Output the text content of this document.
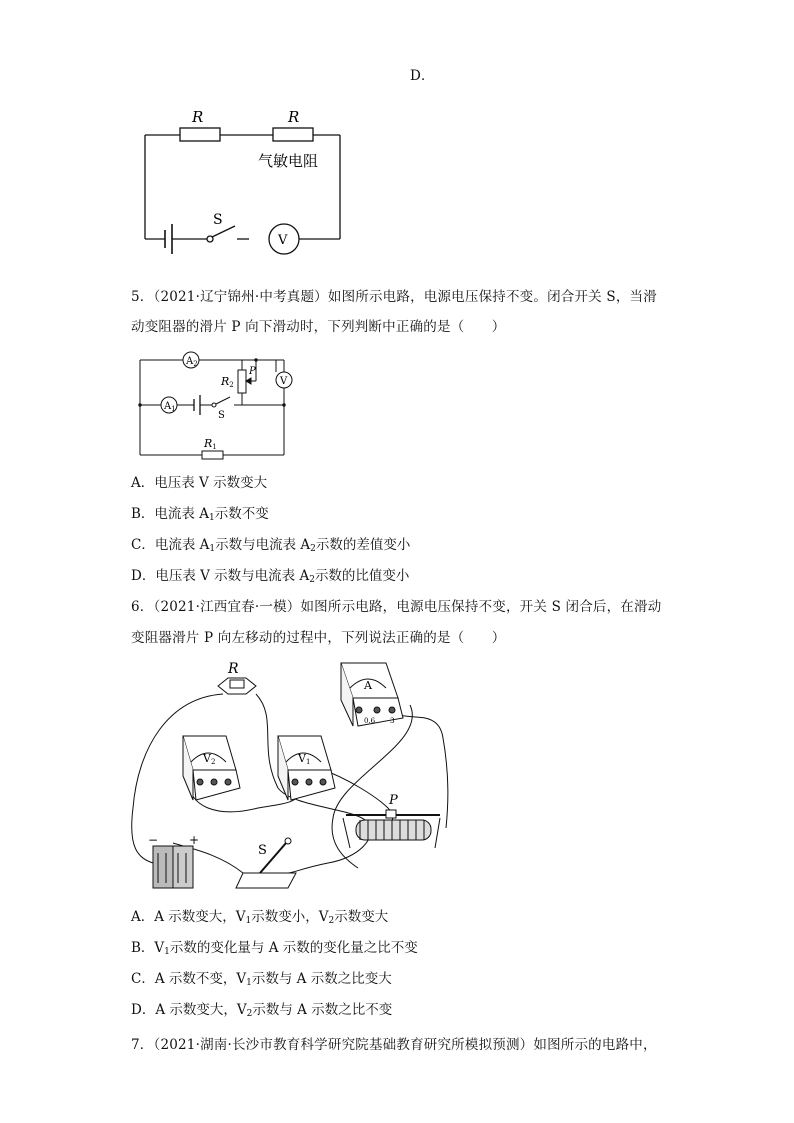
D．
R	R
气敏电阻
S
V
5．（2021·辽宁锦州·中考真题）如图所示电路，电源电压保持不变。闭合开关 S，当滑
动变阻器的滑片 P 向下滑动时，下列判断中正确的是（　　）
$A_2$
$A_1$
R2
P
V
S
R1
A．电压表 V 示数变大
B．电流表 $A_1$示数不变
C．电流表 $A_1$示数与电流表 $A_2$示数的差值变小
D．电压表 V 示数与电流表 $A_2$示数的比值变小
6．（2021·江西宜春·一模）如图所示电路，电源电压保持不变，开关 S 闭合后，在滑动
变阻器滑片 P 向左移动的过程中，下列说法正确的是（　　）
R
A
0.6 3
V2	V1
P
S
+
−
A．A 示数变大，$V_1$示数变小，$V_2$示数变大
B．$V_1$示数的变化量与 A 示数的变化量之比不变
C．A 示数不变，$V_1$示数与 A 示数之比变大
D．A 示数变大，$V_2$示数与 A 示数之比不变
7．（2021·湖南·长沙市教育科学研究院基础教育研究所模拟预测）如图所示的电路中，
